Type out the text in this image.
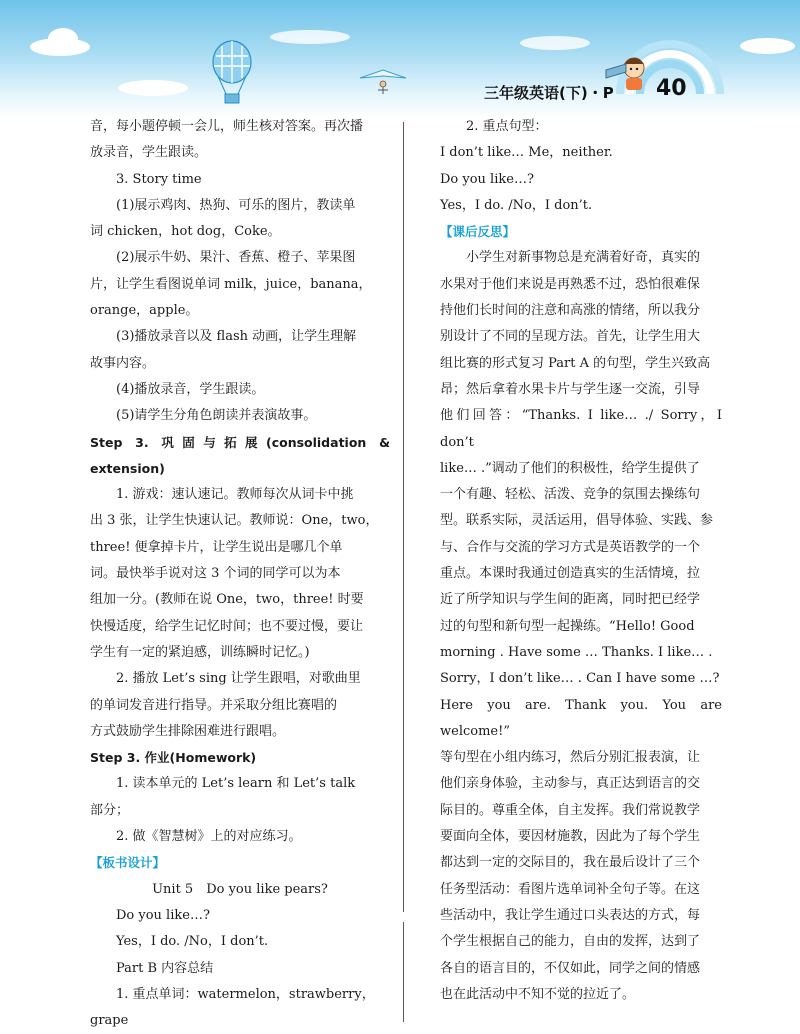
三年级英语(下)・P 40
音，每小题停顿一会儿，师生核对答案。再次播
放录音，学生跟读。
3. Story time
(1)展示鸡肉、热狗、可乐的图片，教读单
词 chicken，hot dog，Coke。
(2)展示牛奶、果汁、香蕉、橙子、苹果图
片，让学生看图说单词 milk，juice，banana，
orange，apple。
(3)播放录音以及 flash 动画，让学生理解
故事内容。
(4)播放录音，学生跟读。
(5)请学生分角色朗读并表演故事。
Step 3. 巩固与拓展(consolidation & extension)
1. 游戏：速认速记。教师每次从词卡中挑
出 3 张，让学生快速认记。教师说：One，two，
three! 便拿掉卡片，让学生说出是哪几个单
词。最快举手说对这 3 个词的同学可以为本
组加一分。(教师在说 One，two，three! 时要
快慢适度，给学生记忆时间；也不要过慢，要让
学生有一定的紧迫感，训练瞬时记忆。)
2. 播放 Let’s sing 让学生跟唱，对歌曲里
的单词发音进行指导。并采取分组比赛唱的
方式鼓励学生排除困难进行跟唱。
Step 3. 作业(Homework)
1. 读本单元的 Let’s learn 和 Let’s talk
部分；
2. 做《智慧树》上的对应练习。
【板书设计】
Unit 5　Do you like pears?
Do you like…?
Yes，I do. /No，I don’t.
Part B 内容总结
1. 重点单词：watermelon，strawberry，
grape
2. 重点句型：
I don’t like… Me，neither.
Do you like…?
Yes，I do. /No，I don’t.
【课后反思】
小学生对新事物总是充满着好奇，真实的
水果对于他们来说是再熟悉不过，恐怕很难保
持他们长时间的注意和高涨的情绪，所以我分
别设计了不同的呈现方法。首先，让学生用大
组比赛的形式复习 Part A 的句型，学生兴致高
昂；然后拿着水果卡片与学生逐一交流，引导
他们回答：“Thanks. I like… ./ Sorry，I don’t
like… .”调动了他们的积极性，给学生提供了
一个有趣、轻松、活泼、竞争的氛围去操练句
型。联系实际，灵活运用，倡导体验、实践、参
与、合作与交流的学习方式是英语教学的一个
重点。本课时我通过创造真实的生活情境，拉
近了所学知识与学生间的距离，同时把已经学
过的句型和新句型一起操练。“Hello! Good
morning . Have some … Thanks. I like… .
Sorry，I don’t like… . Can I have some …?
Here you are. Thank you. You are welcome!”
等句型在小组内练习，然后分别汇报表演，让
他们亲身体验，主动参与，真正达到语言的交
际目的。尊重全体，自主发挥。我们常说教学
要面向全体，要因材施教，因此为了每个学生
都达到一定的交际目的，我在最后设计了三个
任务型活动：看图片选单词补全句子等。在这
些活动中，我让学生通过口头表达的方式，每
个学生根据自己的能力，自由的发挥，达到了
各自的语言目的，不仅如此，同学之间的情感
也在此活动中不知不觉的拉近了。
